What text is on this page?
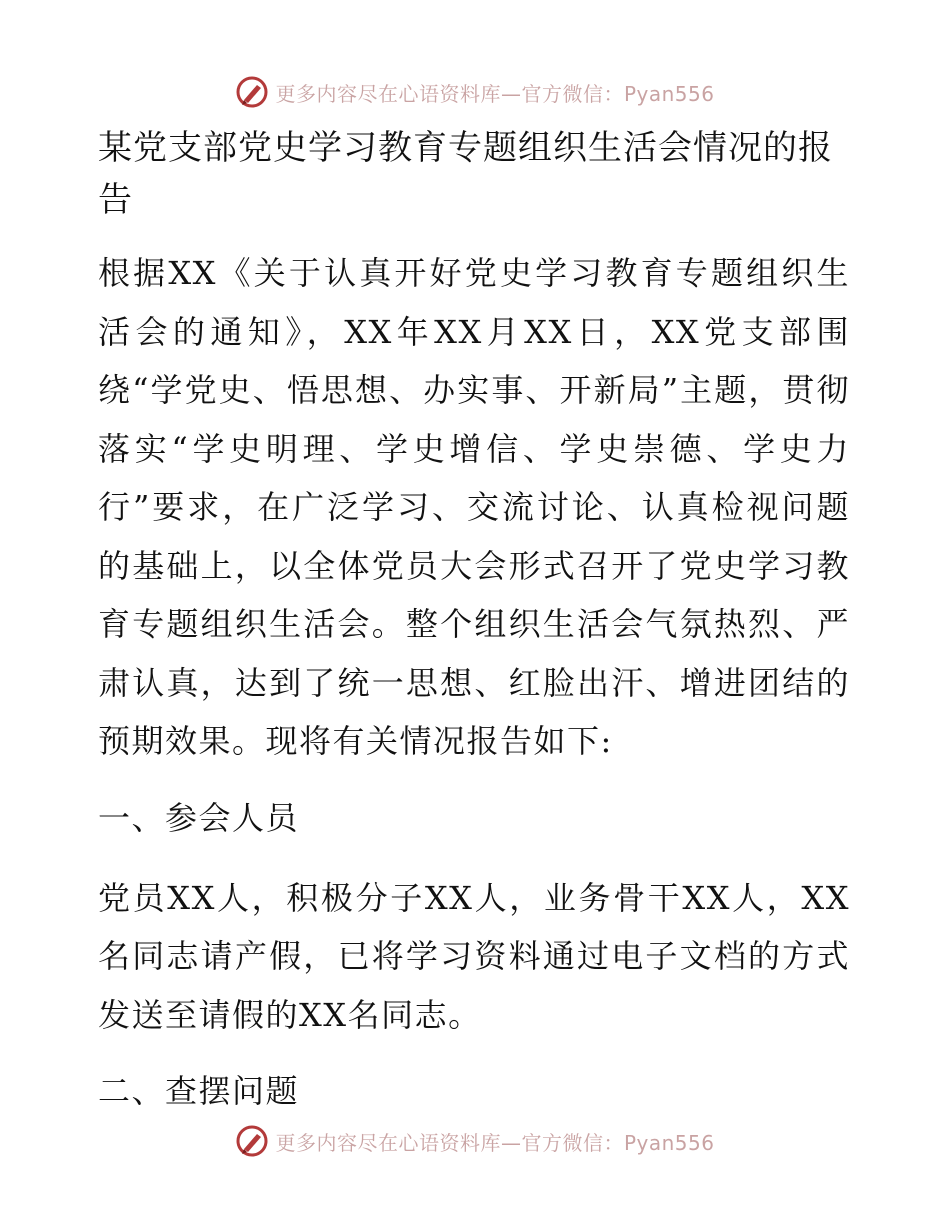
更多内容尽在心语资料库—官方微信：Pyan556
某党支部党史学习教育专题组织生活会情况的报告

根据XX《关于认真开好党史学习教育专题组织生活会的通知》，XX年XX月XX日，XX党支部围绕“学党史、悟思想、办实事、开新局”主题，贯彻落实“学史明理、学史增信、学史崇德、学史力行”要求，在广泛学习、交流讨论、认真检视问题的基础上，以全体党员大会形式召开了党史学习教育专题组织生活会。整个组织生活会气氛热烈、严肃认真，达到了统一思想、红脸出汗、增进团结的预期效果。现将有关情况报告如下:

一、参会人员

党员XX人，积极分子XX人，业务骨干XX人，XX名同志请产假，已将学习资料通过电子文档的方式发送至请假的XX名同志。

二、查摆问题
更多内容尽在心语资料库—官方微信：Pyan556
